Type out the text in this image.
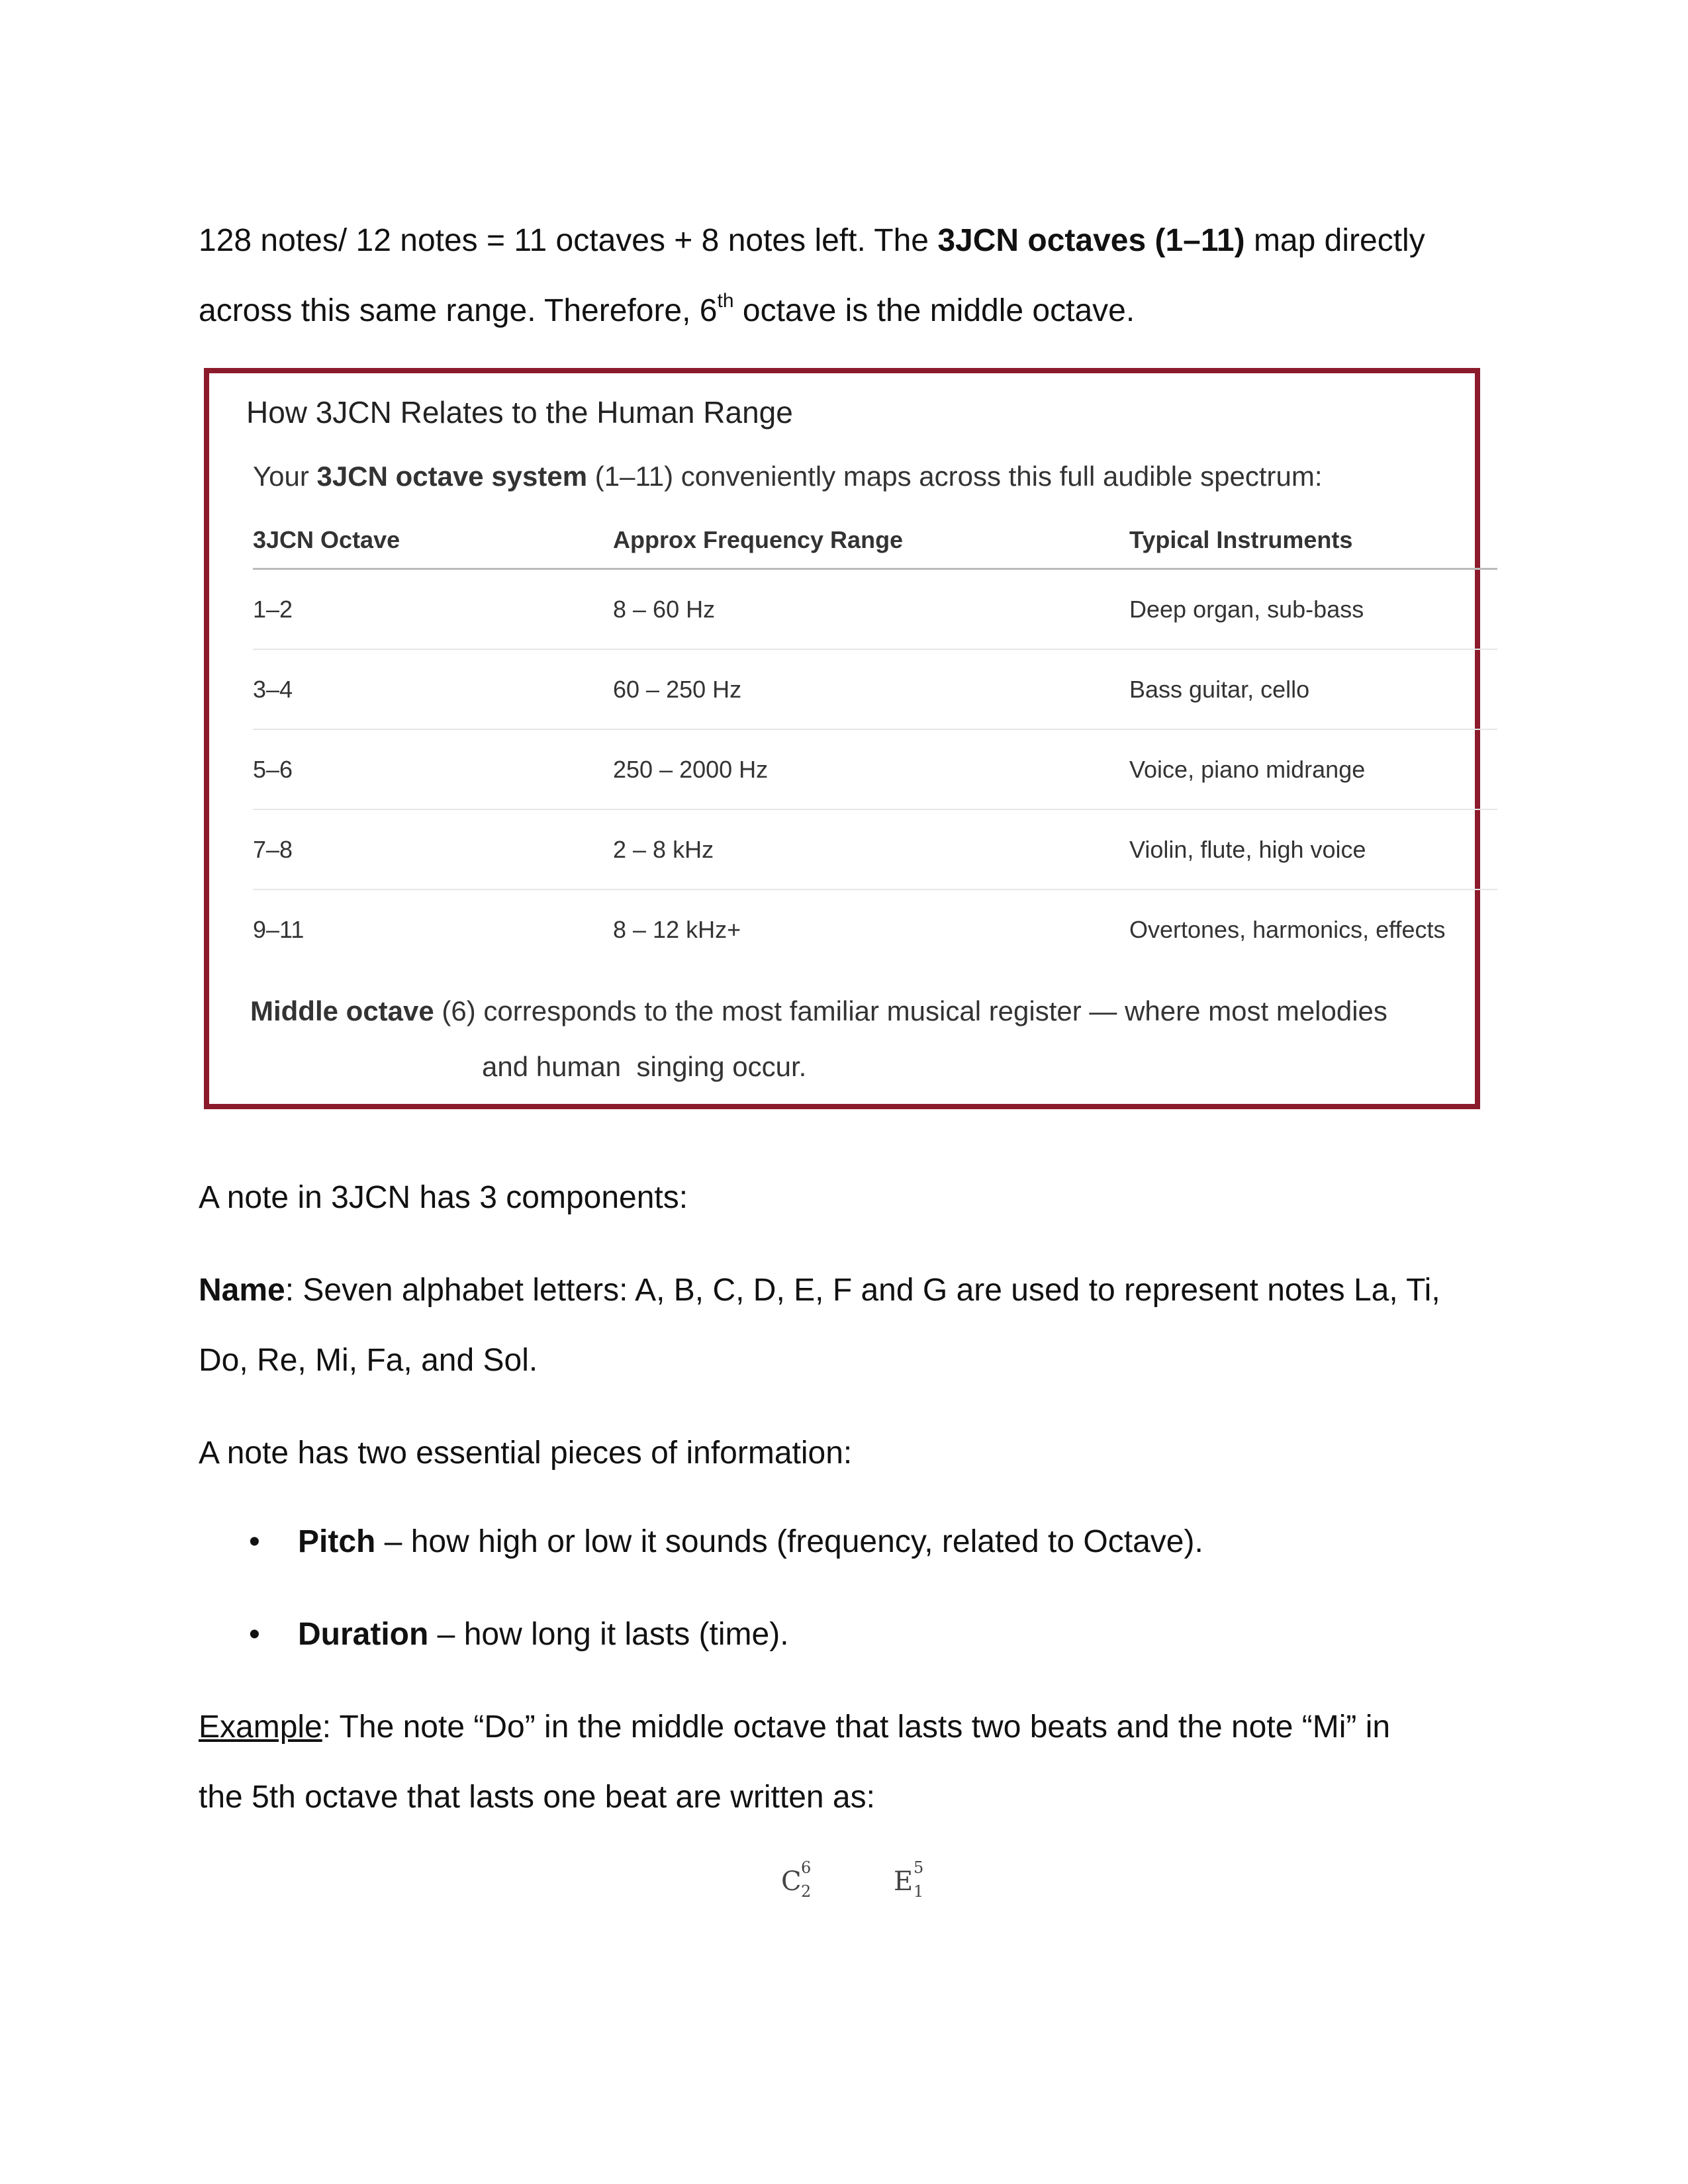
128 notes/ 12 notes = 11 octaves + 8 notes left. The 3JCN octaves (1–11) map directly

across this same range. Therefore, 6th octave is the middle octave.

How 3JCN Relates to the Human Range

Your 3JCN octave system (1–11) conveniently maps across this full audible spectrum:

3JCN Octave	Approx Frequency Range	Typical Instruments
1–2	8 – 60 Hz	Deep organ, sub-bass
3–4	60 – 250 Hz	Bass guitar, cello
5–6	250 – 2000 Hz	Voice, piano midrange
7–8	2 – 8 kHz	Violin, flute, high voice
9–11	8 – 12 kHz+	Overtones, harmonics, effects

Middle octave (6) corresponds to the most familiar musical register — where most melodies

and human  singing occur.

A note in 3JCN has 3 components:

Name: Seven alphabet letters: A, B, C, D, E, F and G are used to represent notes La, Ti,

Do, Re, Mi, Fa, and Sol.

A note has two essential pieces of information:

• Pitch – how high or low it sounds (frequency, related to Octave).
• Duration – how long it lasts (time).

Example: The note “Do” in the middle octave that lasts two beats and the note “Mi” in

the 5th octave that lasts one beat are written as:

C 6
2	E 5
1
